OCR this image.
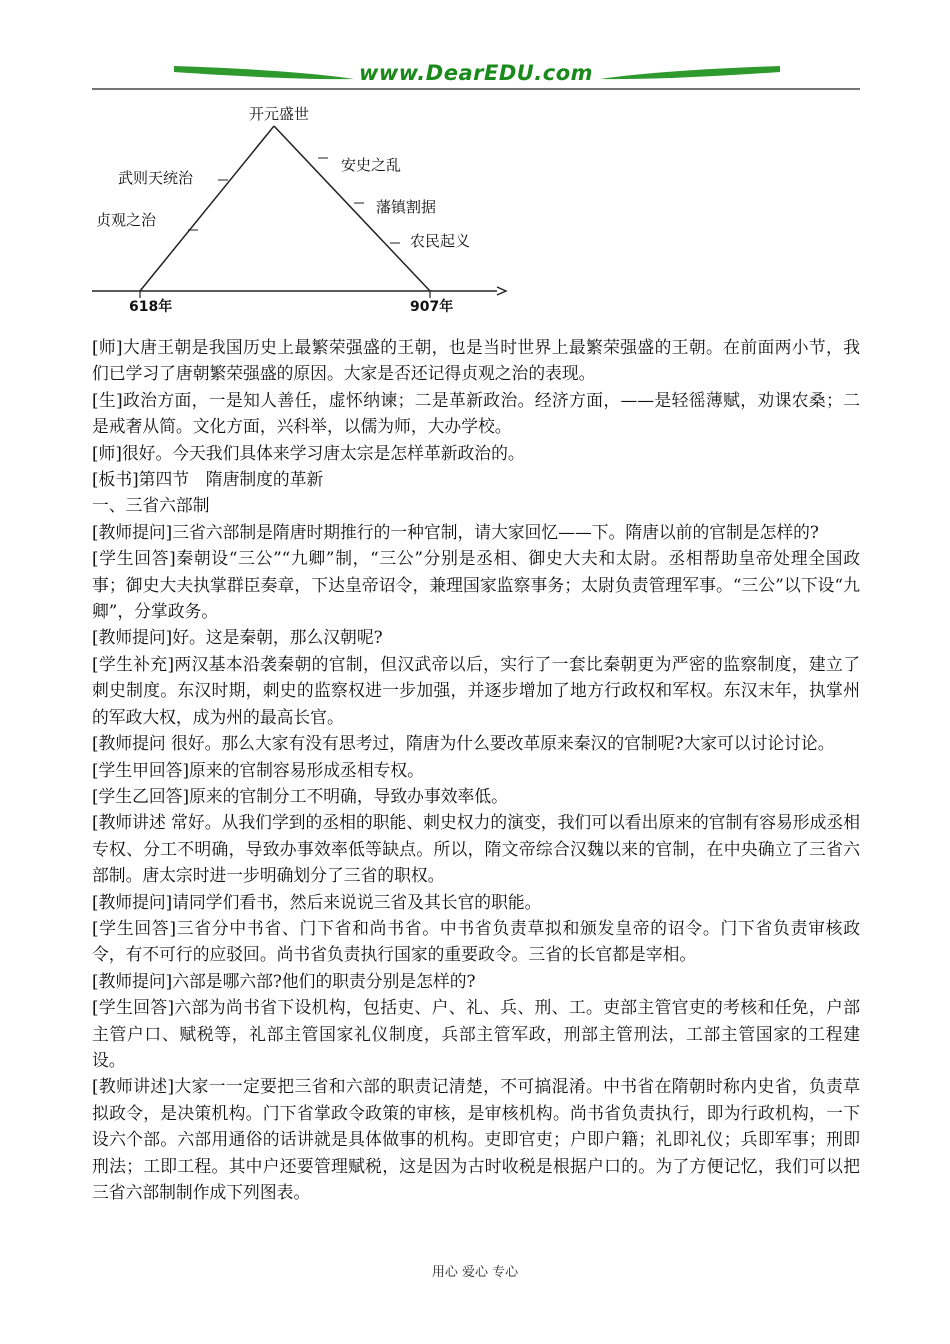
www.DearEDU.com
开元盛世
武则天统治
贞观之治
安史之乱
藩镇割据
农民起义
618年	907年

[师]大唐王朝是我国历史上最繁荣强盛的王朝，也是当时世界上最繁荣强盛的王朝。在前面两小节，我们已学习了唐朝繁荣强盛的原因。大家是否还记得贞观之治的表现。

[生]政治方面，一是知人善任，虚怀纳谏；二是革新政治。经济方面，——是轻徭薄赋，劝课农桑；二是戒奢从简。文化方面，兴科举，以儒为师，大办学校。

[师]很好。今天我们具体来学习唐太宗是怎样革新政治的。

[板书]第四节　隋唐制度的革新

一、三省六部制

[教师提问]三省六部制是隋唐时期推行的一种官制，请大家回忆——下。隋唐以前的官制是怎样的?

[学生回答]秦朝设“三公”“九卿”制，“三公”分别是丞相、御史大夫和太尉。丞相帮助皇帝处理全国政事；御史大夫执掌群臣奏章，下达皇帝诏令，兼理国家监察事务；太尉负责管理军事。“三公”以下设“九卿”，分掌政务。

[教师提问]好。这是秦朝，那么汉朝呢?

[学生补充]两汉基本沿袭秦朝的官制，但汉武帝以后，实行了一套比秦朝更为严密的监察制度，建立了刺史制度。东汉时期，刺史的监察权进一步加强，并逐步增加了地方行政权和军权。东汉末年，执掌州的军政大权，成为州的最高长官。

[教师提问 很好。那么大家有没有思考过，隋唐为什么要改革原来秦汉的官制呢?大家可以讨论讨论。

[学生甲回答]原来的官制容易形成丞相专权。

[学生乙回答]原来的官制分工不明确，导致办事效率低。

[教师讲述 常好。从我们学到的丞相的职能、刺史权力的演变，我们可以看出原来的官制有容易形成丞相专权、分工不明确，导致办事效率低等缺点。所以，隋文帝综合汉魏以来的官制，在中央确立了三省六部制。唐太宗时进一步明确划分了三省的职权。

[教师提问]请同学们看书，然后来说说三省及其长官的职能。

[学生回答]三省分中书省、门下省和尚书省。中书省负责草拟和颁发皇帝的诏令。门下省负责审核政令，有不可行的应驳回。尚书省负责执行国家的重要政令。三省的长官都是宰相。

[教师提问]六部是哪六部?他们的职责分别是怎样的?

[学生回答]六部为尚书省下设机构，包括吏、户、礼、兵、刑、工。吏部主管官吏的考核和任免，户部主管户口、赋税等，礼部主管国家礼仪制度，兵部主管军政，刑部主管刑法，工部主管国家的工程建设。

[教师讲述]大家一一定要把三省和六部的职责记清楚，不可搞混淆。中书省在隋朝时称内史省，负责草拟政令，是决策机构。门下省掌政令政策的审核，是审核机构。尚书省负责执行，即为行政机构，一下设六个部。六部用通俗的话讲就是具体做事的机构。吏即官吏；户即户籍；礼即礼仪；兵即军事；刑即刑法；工即工程。其中户还要管理赋税，这是因为古时收税是根据户口的。为了方便记忆，我们可以把三省六部制制作成下列图表。

用心 爱心 专心
